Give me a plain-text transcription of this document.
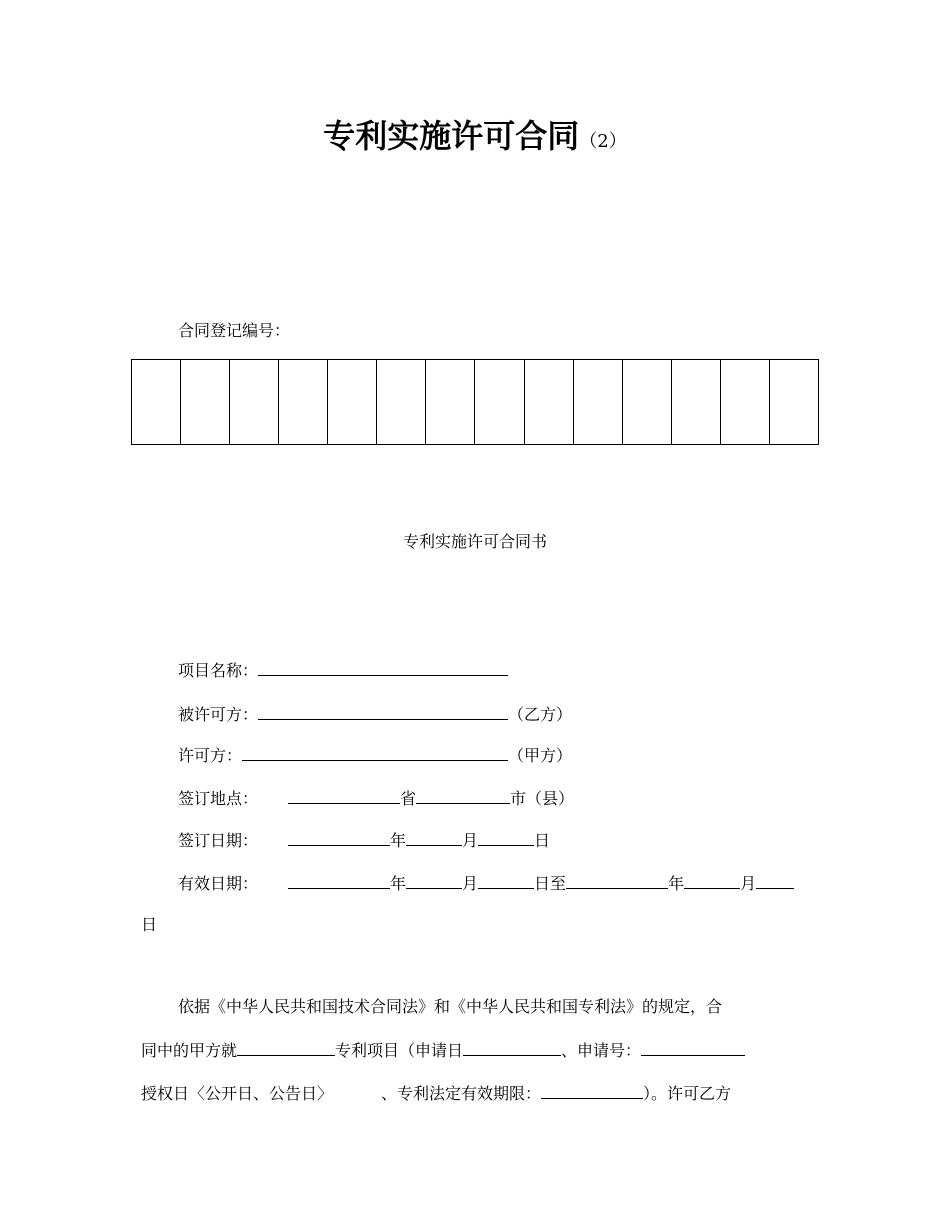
专利实施许可合同（2）
合同登记编号：

专利实施许可合同书
项目名称：
被许可方：	（乙方）
许可方：	（甲方）
签订地点：	省	市（县）
签订日期：	年	月	日
有效日期：	年	月	日至	年	月
日
依据《中华人民共和国技术合同法》和《中华人民共和国专利法》的规定，合
同中的甲方就	专利项目（申请日	、申请号：
授权日〈公开日、公告日〉	、专利法定有效期限：	）。许可乙方
